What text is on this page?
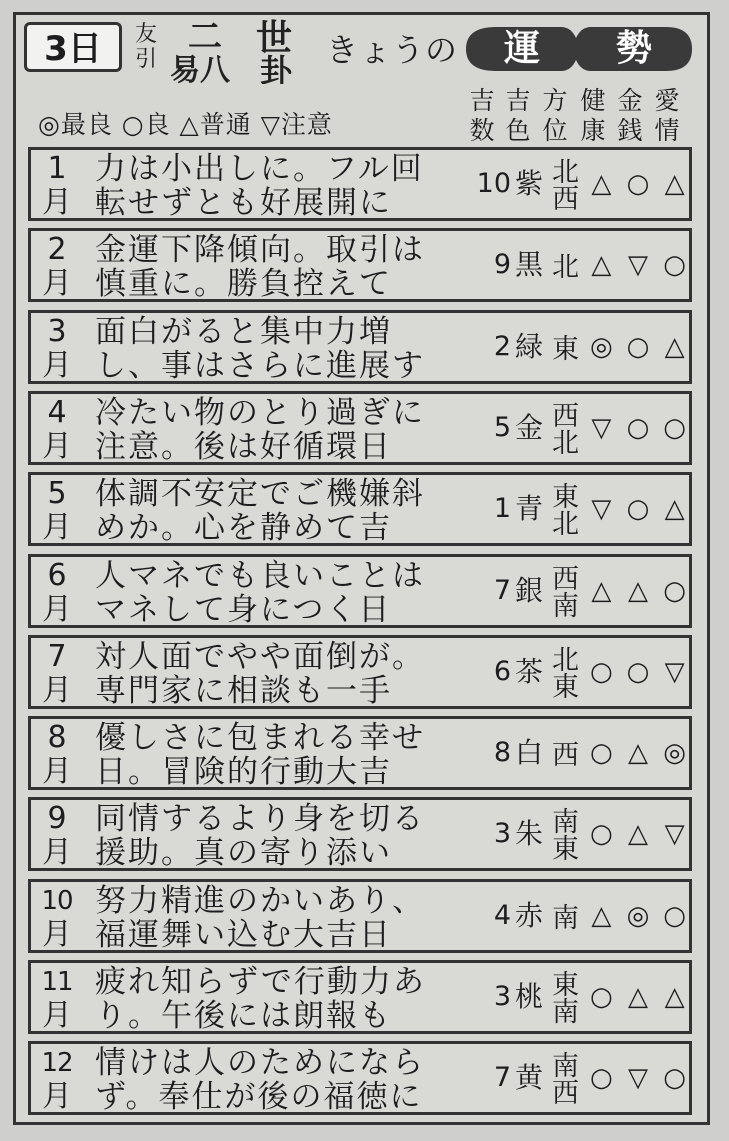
3日	友引
二 世
易八 卦
きょうの 運 勢
◎最良 ○良 △普通 ▽注意
吉数
吉色
方位
健康
金銭
愛情
1
月
力は小出しに。フル回
転せずとも好展開に
10 紫 北西 △ ○ △
2
月
金運下降傾向。取引は
慎重に。勝負控えて
9 黒 北 △ ▽ ○
3
月
面白がると集中力増
し、事はさらに進展す
2 緑 東 ◎ ○ △
4
月
冷たい物のとり過ぎに
注意。後は好循環日
5 金 西北 ▽ ○ ○
5
月
体調不安定でご機嫌斜
めか。心を静めて吉
1 青 東北 ▽ ○ △
6
月
人マネでも良いことは
マネして身につく日
7 銀 西南 △ △ ○
7
月
対人面でやや面倒が。
専門家に相談も一手
6 茶 北東 ○ ○ ▽
8
月
優しさに包まれる幸せ
日。冒険的行動大吉
8 白 西 ○ △ ◎
9
月
同情するより身を切る
援助。真の寄り添い
3 朱 南東 ○ △ ▽
10
月
努力精進のかいあり、
福運舞い込む大吉日
4 赤 南 △ ◎ ○
11
月
疲れ知らずで行動力あ
り。午後には朗報も
3 桃 東南 ○ △ △
12
月
情けは人のためになら
ず。奉仕が後の福徳に
7 黄 南西 ○ ▽ ○
